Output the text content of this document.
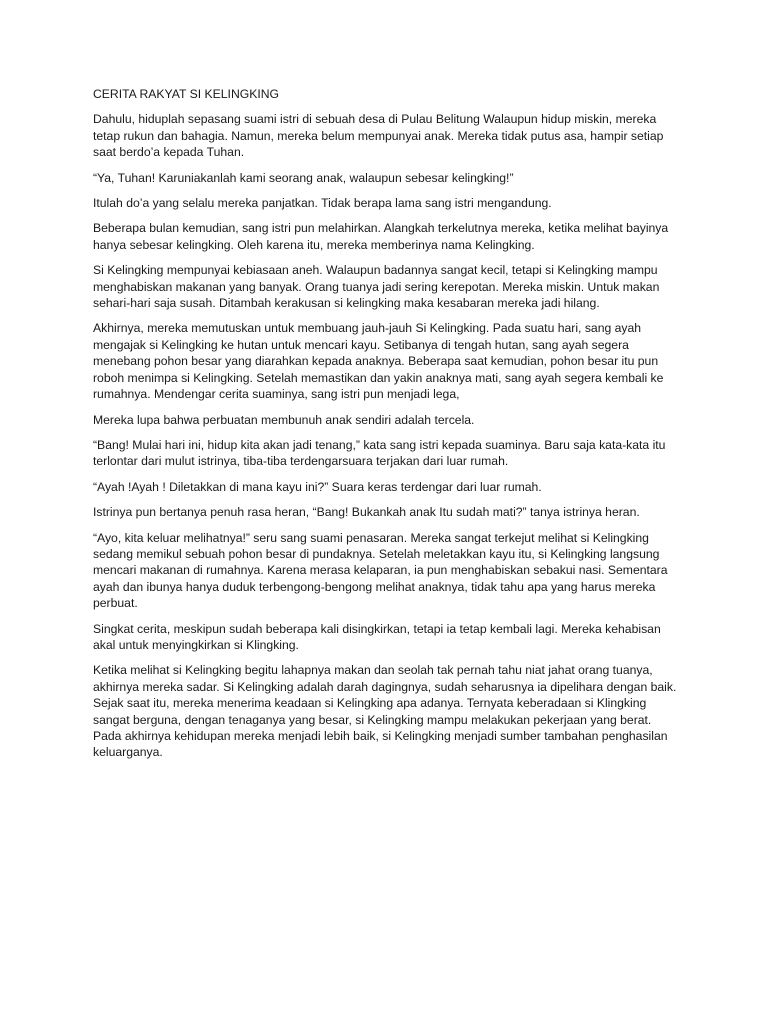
CERITA RAKYAT SI KELINGKING

Dahulu, hiduplah sepasang suami istri di sebuah desa di Pulau Belitung Walaupun hidup miskin, mereka tetap rukun dan bahagia. Namun, mereka belum mempunyai anak. Mereka tidak putus asa, hampir setiap saat berdo’a kepada Tuhan.

“Ya, Tuhan! Karuniakanlah kami seorang anak, walaupun sebesar kelingking!”

Itulah do’a yang selalu mereka panjatkan. Tidak berapa lama sang istri mengandung.

Beberapa bulan kemudian, sang istri pun melahirkan. Alangkah terkelutnya mereka, ketika melihat bayinya hanya sebesar kelingking. Oleh karena itu, mereka memberinya nama Kelingking.

Si Kelingking mempunyai kebiasaan aneh. Walaupun badannya sangat kecil, tetapi si Kelingking mampu menghabiskan makanan yang banyak. Orang tuanya jadi sering kerepotan. Mereka miskin. Untuk makan sehari-hari saja susah. Ditambah kerakusan si kelingking maka kesabaran mereka jadi hilang.

Akhirnya, mereka memutuskan untuk membuang jauh-jauh Si Kelingking. Pada suatu hari, sang ayah mengajak si Kelingking ke hutan untuk mencari kayu. Setibanya di tengah hutan, sang ayah segera menebang pohon besar yang diarahkan kepada anaknya. Beberapa saat kemudian, pohon besar itu pun roboh menimpa si Kelingking. Setelah memastikan dan yakin anaknya mati, sang ayah segera kembali ke rumahnya. Mendengar cerita suaminya, sang istri pun menjadi lega,

Mereka lupa bahwa perbuatan membunuh anak sendiri adalah tercela.

“Bang! Mulai hari ini, hidup kita akan jadi tenang,” kata sang istri kepada suaminya. Baru saja kata-kata itu terlontar dari mulut istrinya, tiba-tiba terdengarsuara terjakan dari luar rumah.

“Ayah !Ayah ! Diletakkan di mana kayu ini?” Suara keras terdengar dari luar rumah.

Istrinya pun bertanya penuh rasa heran, “Bang! Bukankah anak Itu sudah mati?” tanya istrinya heran.

“Ayo, kita keluar melihatnya!” seru sang suami penasaran. Mereka sangat terkejut melihat si Kelingking sedang memikul sebuah pohon besar di pundaknya. Setelah meletakkan kayu itu, si Kelingking langsung mencari makanan di rumahnya. Karena merasa kelaparan, ia pun menghabiskan sebakui nasi. Sementara ayah dan ibunya hanya duduk terbengong-bengong melihat anaknya, tidak tahu apa yang harus mereka perbuat.

Singkat cerita, meskipun sudah beberapa kali disingkirkan, tetapi ia tetap kembali lagi. Mereka kehabisan akal untuk menyingkirkan si Klingking.

Ketika melihat si Kelingking begitu lahapnya makan dan seolah tak pernah tahu niat jahat orang tuanya, akhirnya mereka sadar. Si Kelingking adalah darah dagingnya, sudah seharusnya ia dipelihara dengan baik. Sejak saat itu, mereka menerima keadaan si Kelingking apa adanya. Ternyata keberadaan si Klingking sangat berguna, dengan tenaganya yang besar, si Kelingking mampu melakukan pekerjaan yang berat. Pada akhirnya kehidupan mereka menjadi lebih baik, si Kelingking menjadi sumber tambahan penghasilan keluarganya.
